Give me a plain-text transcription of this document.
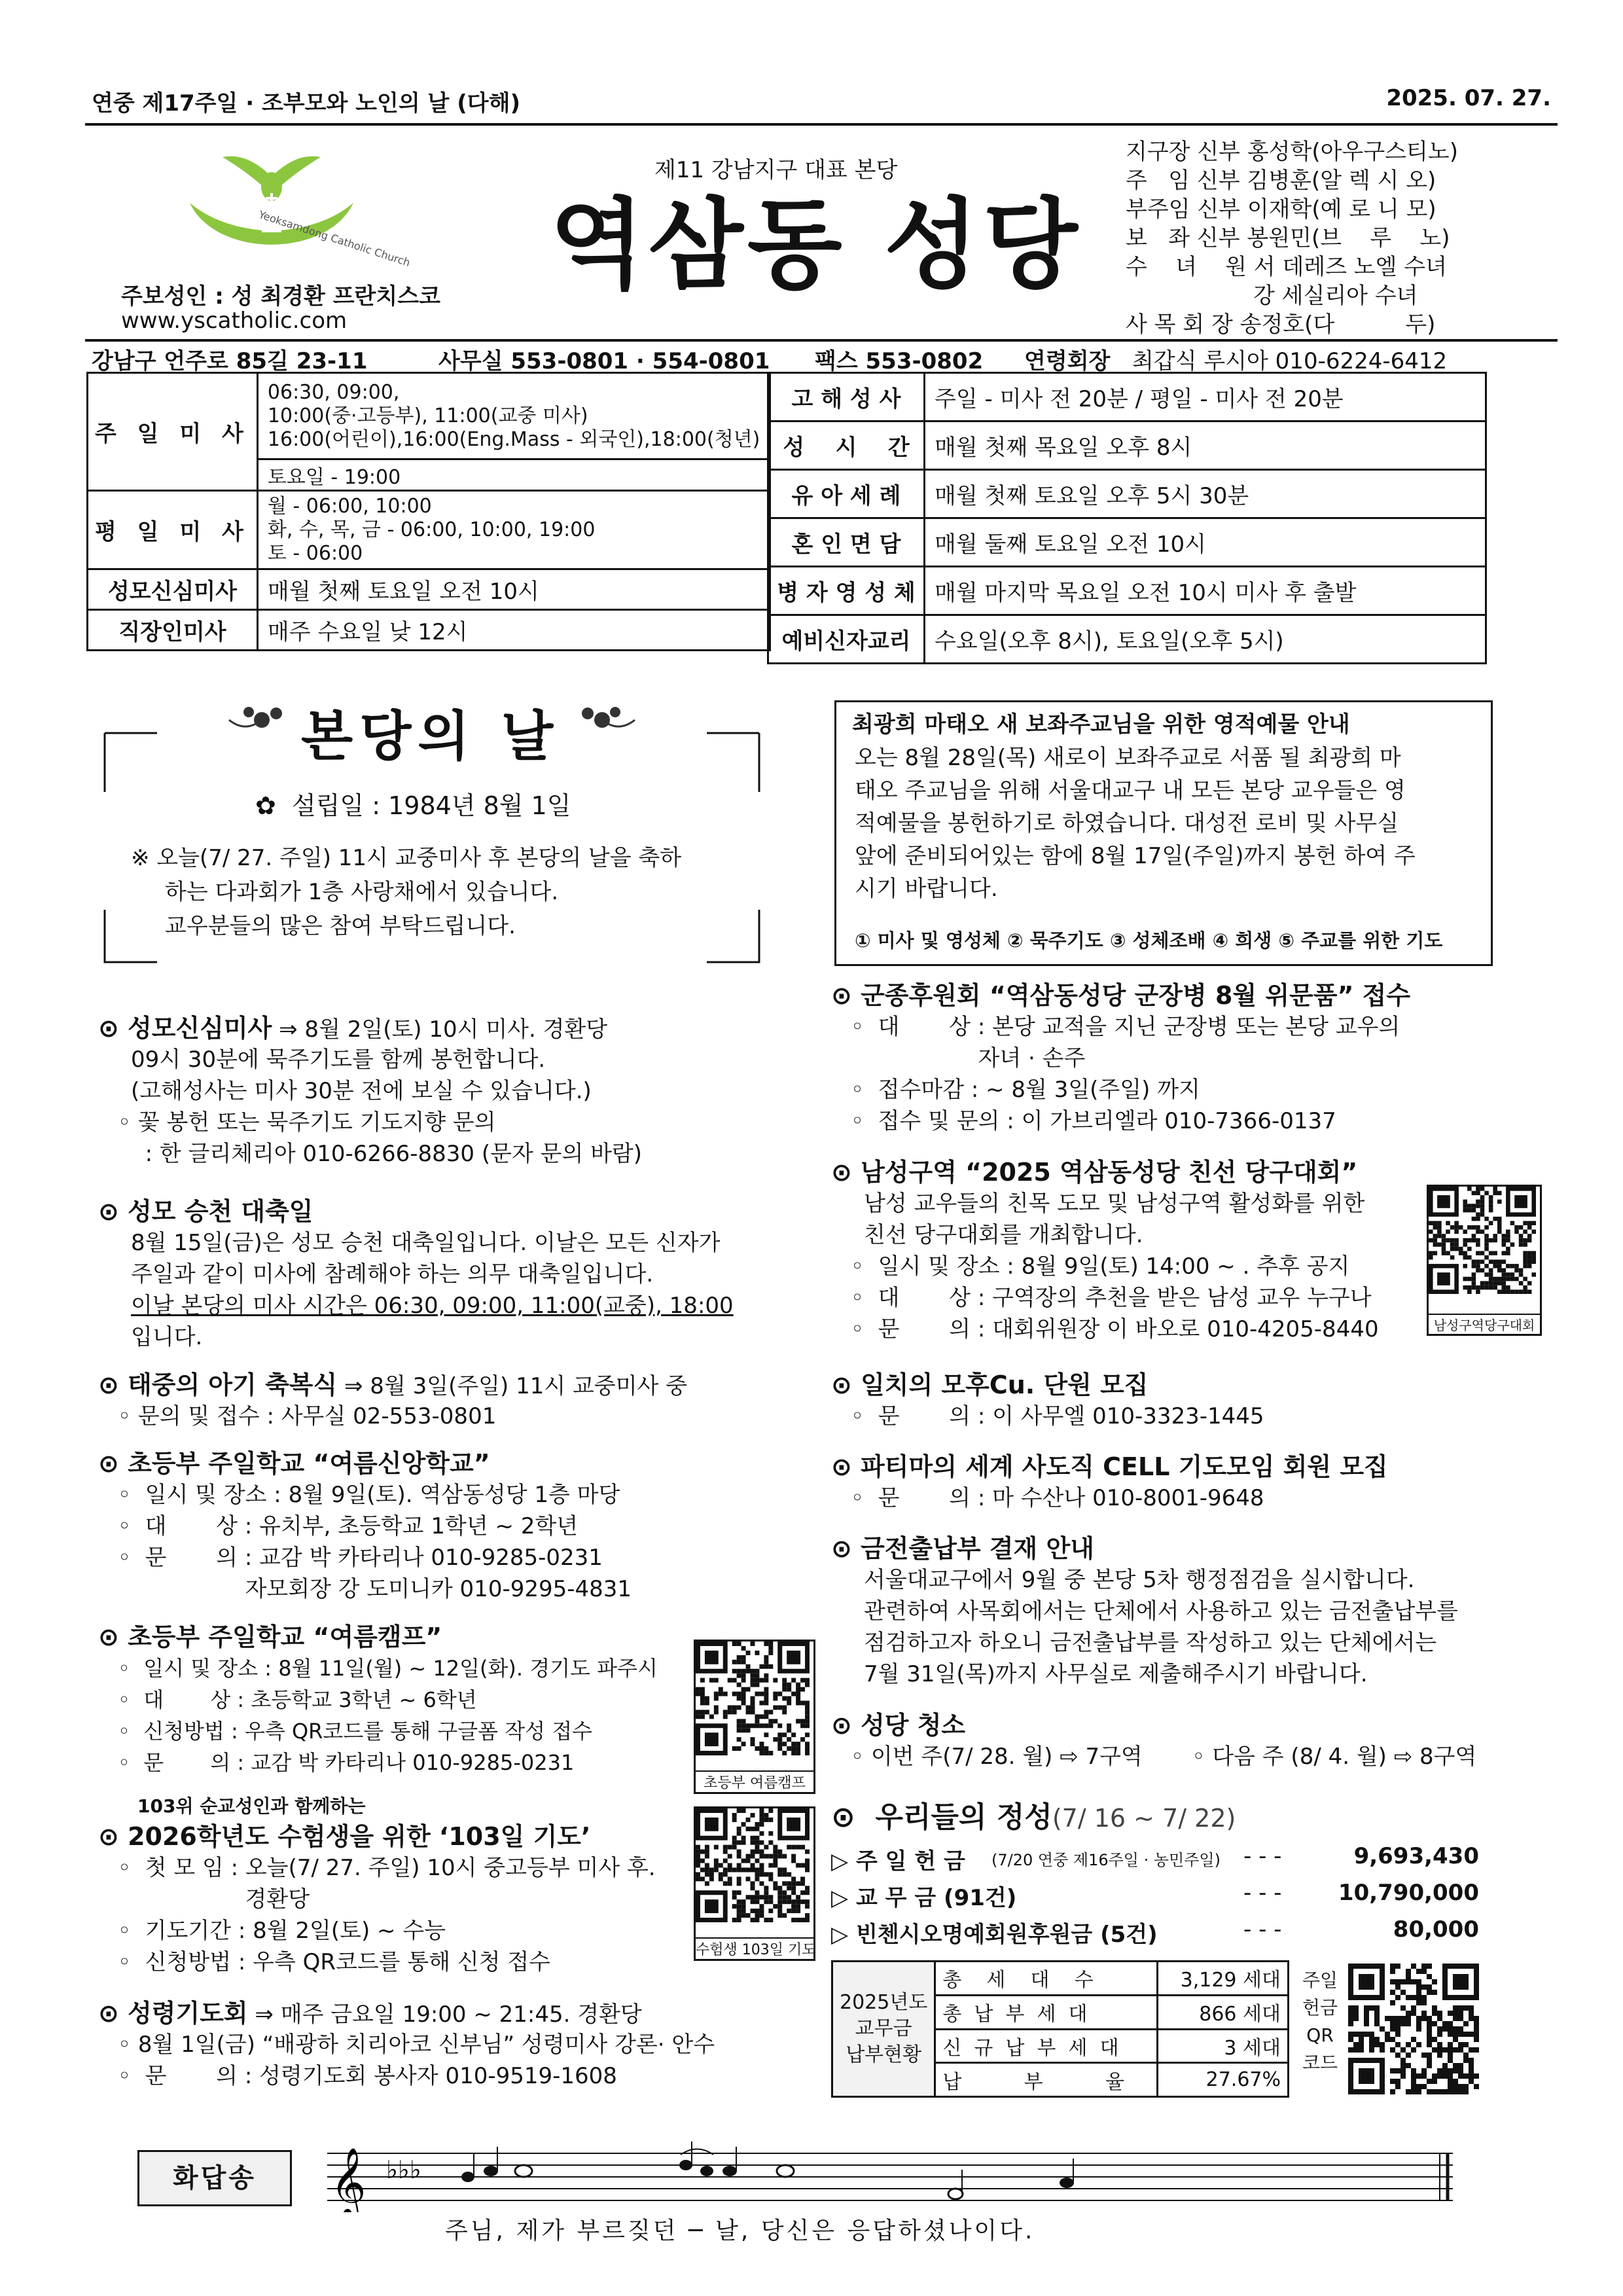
연중 제17주일 · 조부모와 노인의 날 (다해)	2025. 07. 27.
Yeoksamdong Catholic Church
주보성인 : 성 최경환 프란치스코
www.yscatholic.com
제11 강남지구 대표 본당
역삼동 성당
지구장 신부 홍성학(아우구스티노)
주   임 신부 김병훈(알 렉 시 오)
부주임 신부 이재학(예 로 니 모)
보   좌 신부 봉원민(브    루    노)
수    녀    원 서 데레즈 노엘 수녀
강 세실리아 수녀
사 목 회 장 송정호(다          두)
강남구 언주로 85길 23-11	사무실 553-0801 · 554-0801 팩스 553-0802 연령회장 최갑식 루시아 010-6224-6412
주 일 미 사	06:30, 09:00,
10:00(중·고등부), 11:00(교중 미사)
16:00(어린이),16:00(Eng.Mass - 외국인),18:00(청년)

	토요일 - 19:00
평 일 미 사	월 - 06:00, 10:00
화, 수, 목, 금 - 06:00, 10:00, 19:00
토 - 06:00

성모신심미사	매월 첫째 토요일 오전 10시
직장인미사	매주 수요일 낮 12시
고 해 성 사	주일 - 미사 전 20분 / 평일 - 미사 전 20분
성    시    간	매월 첫째 목요일 오후 8시
유 아 세 례	매월 첫째 토요일 오후 5시 30분
혼 인 면 담	매월 둘째 토요일 오전 10시
병 자 영 성 체	매월 마지막 목요일 오전 10시 미사 후 출발
예비신자교리	수요일(오후 8시), 토요일(오후 5시)
본당의 날
✿  설립일 : 1984년 8월 1일
※ 오늘(7/ 27. 주일) 11시 교중미사 후 본당의 날을 축하
하는 다과회가 1층 사랑채에서 있습니다.
교우분들의 많은 참여 부탁드립니다.
최광희 마태오 새 보좌주교님을 위한 영적예물 안내
오는 8월 28일(목) 새로이 보좌주교로 서품 될 최광희 마
태오 주교님을 위해 서울대교구 내 모든 본당 교우들은 영
적예물을 봉헌하기로 하였습니다. 대성전 로비 및 사무실
앞에 준비되어있는 함에 8월 17일(주일)까지 봉헌 하여 주
시기 바랍니다.
① 미사 및 영성체 ② 묵주기도 ③ 성체조배 ④ 희생 ⑤ 주교를 위한 기도
⊙ 성모신심미사 ⇒ 8월 2일(토) 10시 미사. 경환당
09시 30분에 묵주기도를 함께 봉헌합니다.
(고해성사는 미사 30분 전에 보실 수 있습니다.)
◦ 꽃 봉헌 또는 묵주기도 기도지향 문의
: 한 글리체리아 010-6266-8830 (문자 문의 바람)
⊙ 성모 승천 대축일
8월 15일(금)은 성모 승천 대축일입니다. 이날은 모든 신자가
주일과 같이 미사에 참례해야 하는 의무 대축일입니다.
이날 본당의 미사 시간은 06:30, 09:00, 11:00(교중), 18:00
입니다.
⊙ 태중의 아기 축복식 ⇒ 8월 3일(주일) 11시 교중미사 중
◦ 문의 및 접수 : 사무실 02-553-0801
⊙ 초등부 주일학교 “여름신앙학교”
◦  일시 및 장소 : 8월 9일(토). 역삼동성당 1층 마당
◦  대       상 : 유치부, 초등학교 1학년 ~ 2학년
◦  문       의 : 교감 박 카타리나 010-9285-0231
자모회장 강 도미니카 010-9295-4831
⊙ 초등부 주일학교 “여름캠프”
◦  일시 및 장소 : 8월 11일(월) ~ 12일(화). 경기도 파주시
◦  대       상 : 초등학교 3학년 ~ 6학년
◦  신청방법 : 우측 QR코드를 통해 구글폼 작성 접수
◦  문       의 : 교감 박 카타리나 010-9285-0231
103위 순교성인과 함께하는
⊙ 2026학년도 수험생을 위한 ‘103일 기도’
◦  첫 모 임 : 오늘(7/ 27. 주일) 10시 중고등부 미사 후.
경환당
◦  기도기간 : 8월 2일(토) ~ 수능
◦  신청방법 : 우측 QR코드를 통해 신청 접수
⊙ 성령기도회 ⇒ 매주 금요일 19:00 ~ 21:45. 경환당
◦ 8월 1일(금) “배광하 치리아코 신부님” 성령미사 강론· 안수
◦  문       의 : 성령기도회 봉사자 010-9519-1608
초등부 여름캠프
수험생 103일 기도
⊙ 군종후원회 “역삼동성당 군장병 8월 위문품” 접수
◦  대       상 : 본당 교적을 지닌 군장병 또는 본당 교우의
자녀 · 손주
◦  접수마감 : ~ 8월 3일(주일) 까지
◦  접수 및 문의 : 이 가브리엘라 010-7366-0137
⊙ 남성구역 “2025 역삼동성당 친선 당구대회”
남성 교우들의 친목 도모 및 남성구역 활성화를 위한
친선 당구대회를 개최합니다.
◦  일시 및 장소 : 8월 9일(토) 14:00 ~ . 추후 공지
◦  대       상 : 구역장의 추천을 받은 남성 교우 누구나
◦  문       의 : 대회위원장 이 바오로 010-4205-8440	남성구역당구대회
⊙ 일치의 모후Cu. 단원 모집
◦  문       의 : 이 사무엘 010-3323-1445
⊙ 파티마의 세계 사도직 CELL 기도모임 회원 모집
◦  문       의 : 마 수산나 010-8001-9648
⊙ 금전출납부 결재 안내
서울대교구에서 9월 중 본당 5차 행정점검을 실시합니다.
관련하여 사목회에서는 단체에서 사용하고 있는 금전출납부를
점검하고자 하오니 금전출납부를 작성하고 있는 단체에서는
7월 31일(목)까지 사무실로 제출해주시기 바랍니다.
⊙ 성당 청소
◦ 이번 주(7/ 28. 월) ⇨ 7구역       ◦ 다음 주 (8/ 4. 월) ⇨ 8구역
⊙  우리들의 정성(7/ 16 ~ 7/ 22)
▷ 주 일 헌 금 (7/20 연중 제16주일 · 농민주일) - - -	9,693,430
▷ 교 무 금 (91건)	- - -	10,790,000
▷ 빈첸시오명예회원후원금 (5건)	- - -	80,000
2025년도
교무금
납부현황	총    세    대    수	3,129 세대
	총  납  부  세  대	866 세대
	신  규  납  부  세  대	3 세대
	납          부          율	27.67%
주일
헌금
QR
코드
화답송	𝄞 ♭♭♭
주님, 제가 부르짖던 ─ 날, 당신은 응답하셨나이다.
